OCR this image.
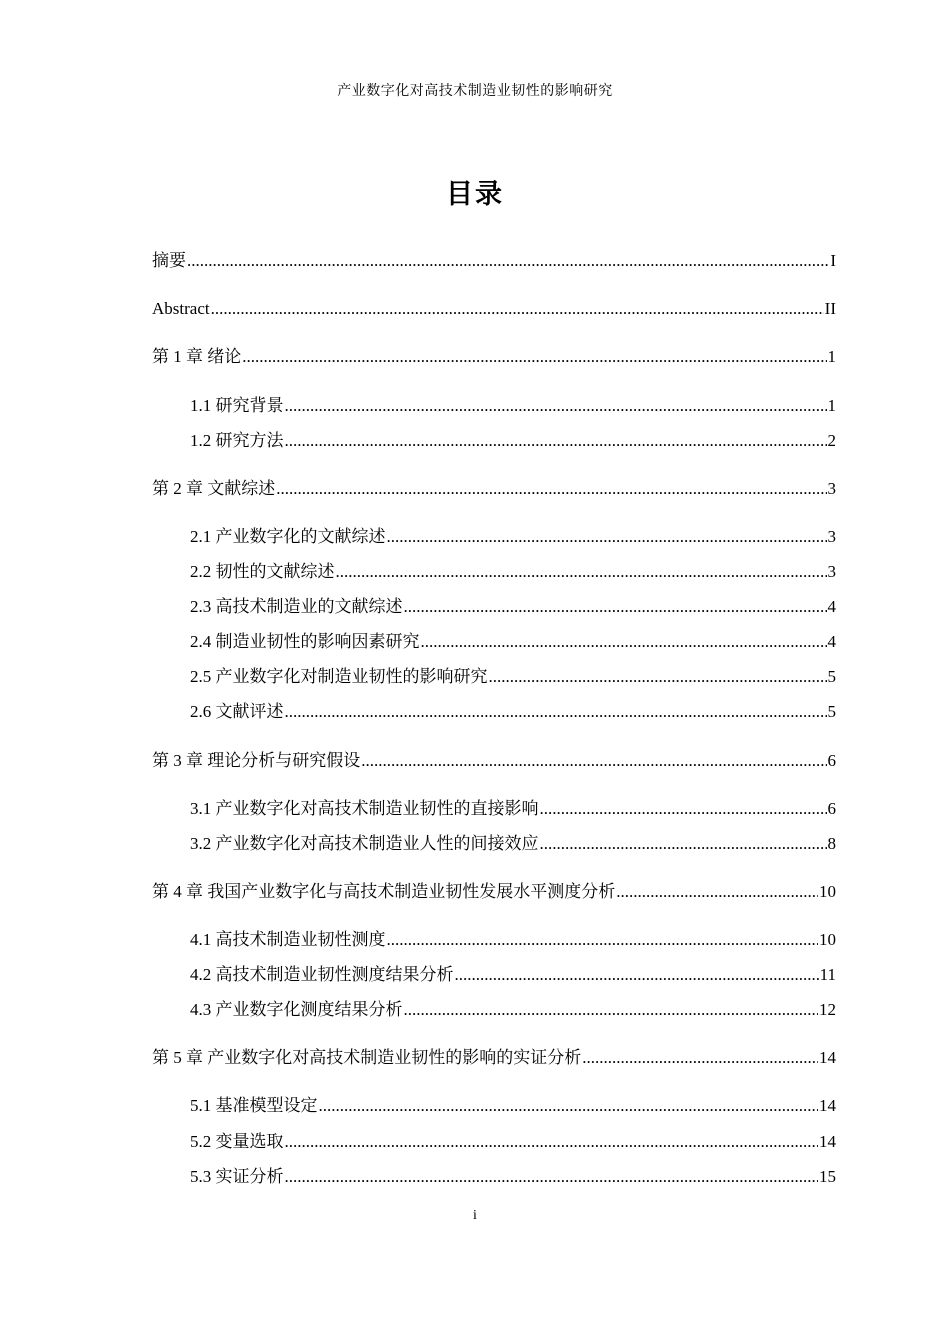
产业数字化对高技术制造业韧性的影响研究
目录
摘要 .....	I
Abstract .....	II
第 1 章 绪论 .....	1
1.1 研究背景 .....	1
1.2 研究方法 .....	2
第 2 章 文献综述 .....	3
2.1 产业数字化的文献综述 .....	3
2.2 韧性的文献综述 .....	3
2.3 高技术制造业的文献综述 .....	4
2.4 制造业韧性的影响因素研究 .....	4
2.5 产业数字化对制造业韧性的影响研究 .....	5
2.6 文献评述 .....	5
第 3 章 理论分析与研究假设 .....	6
3.1 产业数字化对高技术制造业韧性的直接影响 .....	6
3.2 产业数字化对高技术制造业人性的间接效应 .....	8
第 4 章 我国产业数字化与高技术制造业韧性发展水平测度分析 .....	10
4.1 高技术制造业韧性测度 .....	10
4.2 高技术制造业韧性测度结果分析 .....	11
4.3 产业数字化测度结果分析 .....	12
第 5 章 产业数字化对高技术制造业韧性的影响的实证分析 .....	14
5.1 基准模型设定 .....	14
5.2 变量选取 .....	14
5.3 实证分析 .....	15
i
